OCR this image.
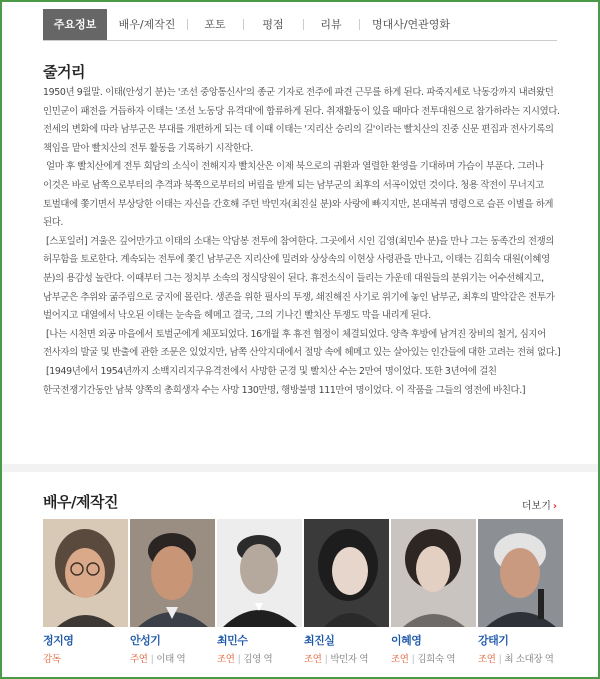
주요정보	배우/제작진	포토	평점	리뷰	명대사/연관영화
줄거리

1950년 9월말. 이태(안성기 분)는 '조선 중앙통신사'의 종군 기자로 전주에 파견 근무를 하게 된다. 파죽지세로 낙동강까지 내려왔던 인민군이 패전을 거듭하자 이태는 '조선 노동당 유격대'에 합류하게 된다. 취재활동이 있을 때마다 전투대원으로 참가하라는 지시였다. 전세의 변화에 따라 남부군은 부대를 개편하게 되는 데 이때 이태는 '지리산 승리의 길'이라는 빨치산의 진중 신문 편집과 전사기록의 책임을 맡아 빨치산의 전투 활동을 기록하기 시작한다.

얼마 후 빨치산에게 전투 회담의 소식이 전해지자 빨치산은 이제 북으로의 귀환과 열렬한 환영을 기대하며 가슴이 부푼다. 그러나 이것은 바로 남쪽으로부터의 추격과 북쪽으로부터의 버림을 받게 되는 남부군의 최후의 서곡이었던 것이다. 청용 작전이 무너지고 토벌대에 쫓기면서 부상당한 이태는 자신을 간호해 주던 박민자(최진실 분)와 사랑에 빠지지만, 본대복귀 명령으로 슬픈 이별을 하게 된다.

[스포일러] 겨울은 깊어만가고 이태의 소대는 악담봉 전투에 참여한다. 그곳에서 시인 김영(최민수 분)을 만나 그는 동족간의 전쟁의 허무함을 토로한다. 계속되는 전투에 쫓긴 남부군은 지리산에 밀려와 상상속의 이현상 사령관을 만나고, 이태는 김희숙 대원(이혜영 분)의 용감성 놀란다. 이때부터 그는 정치부 소속의 정식당원이 된다. 휴전소식이 들리는 가운데 대원들의 분위기는 어수선해지고, 남부군은 추위와 굶주림으로 궁지에 몰린다. 생존을 위한 필사의 투쟁, 쇄진해진 사기로 위기에 놓인 남부군, 최후의 발악같은 전투가 벌어지고 대열에서 낙오된 이태는 눈속을 헤메고 결국, 그의 기나긴 빨치산 투쟁도 막을 내리게 된다.

[나는 시천면 외공 마을에서 토벌군에게 체포되었다. 16개월 후 휴전 협정이 체결되었다. 양측 후방에 남겨진 장비의 철거, 심지어 전사자의 발굴 및 반출에 관한 조문은 있었지만, 남쪽 산악지대에서 절망 속에 헤메고 있는 살아있는 인간들에 대한 고려는 전혀 없다.]

[1949년에서 1954년까지 소백지리지구유격전에서 사망한 군경 및 빨치산 수는 2만여 명이었다. 또한 3년여에 걸친 한국전쟁기간동안 남북 양쪽의 총희생자 수는 사망 130만명, 행방불명 111만여 명이었다. 이 작품을 그들의 영전에 바친다.]

배우/제작진	더보기 ›
정지영
감독
안성기
주연 | 이태 역
최민수
조연 | 김영 역
최진실
조연 | 박민자 역
이혜영
조연 | 김희숙 역
강태기
조연 | 최 소대장 역
